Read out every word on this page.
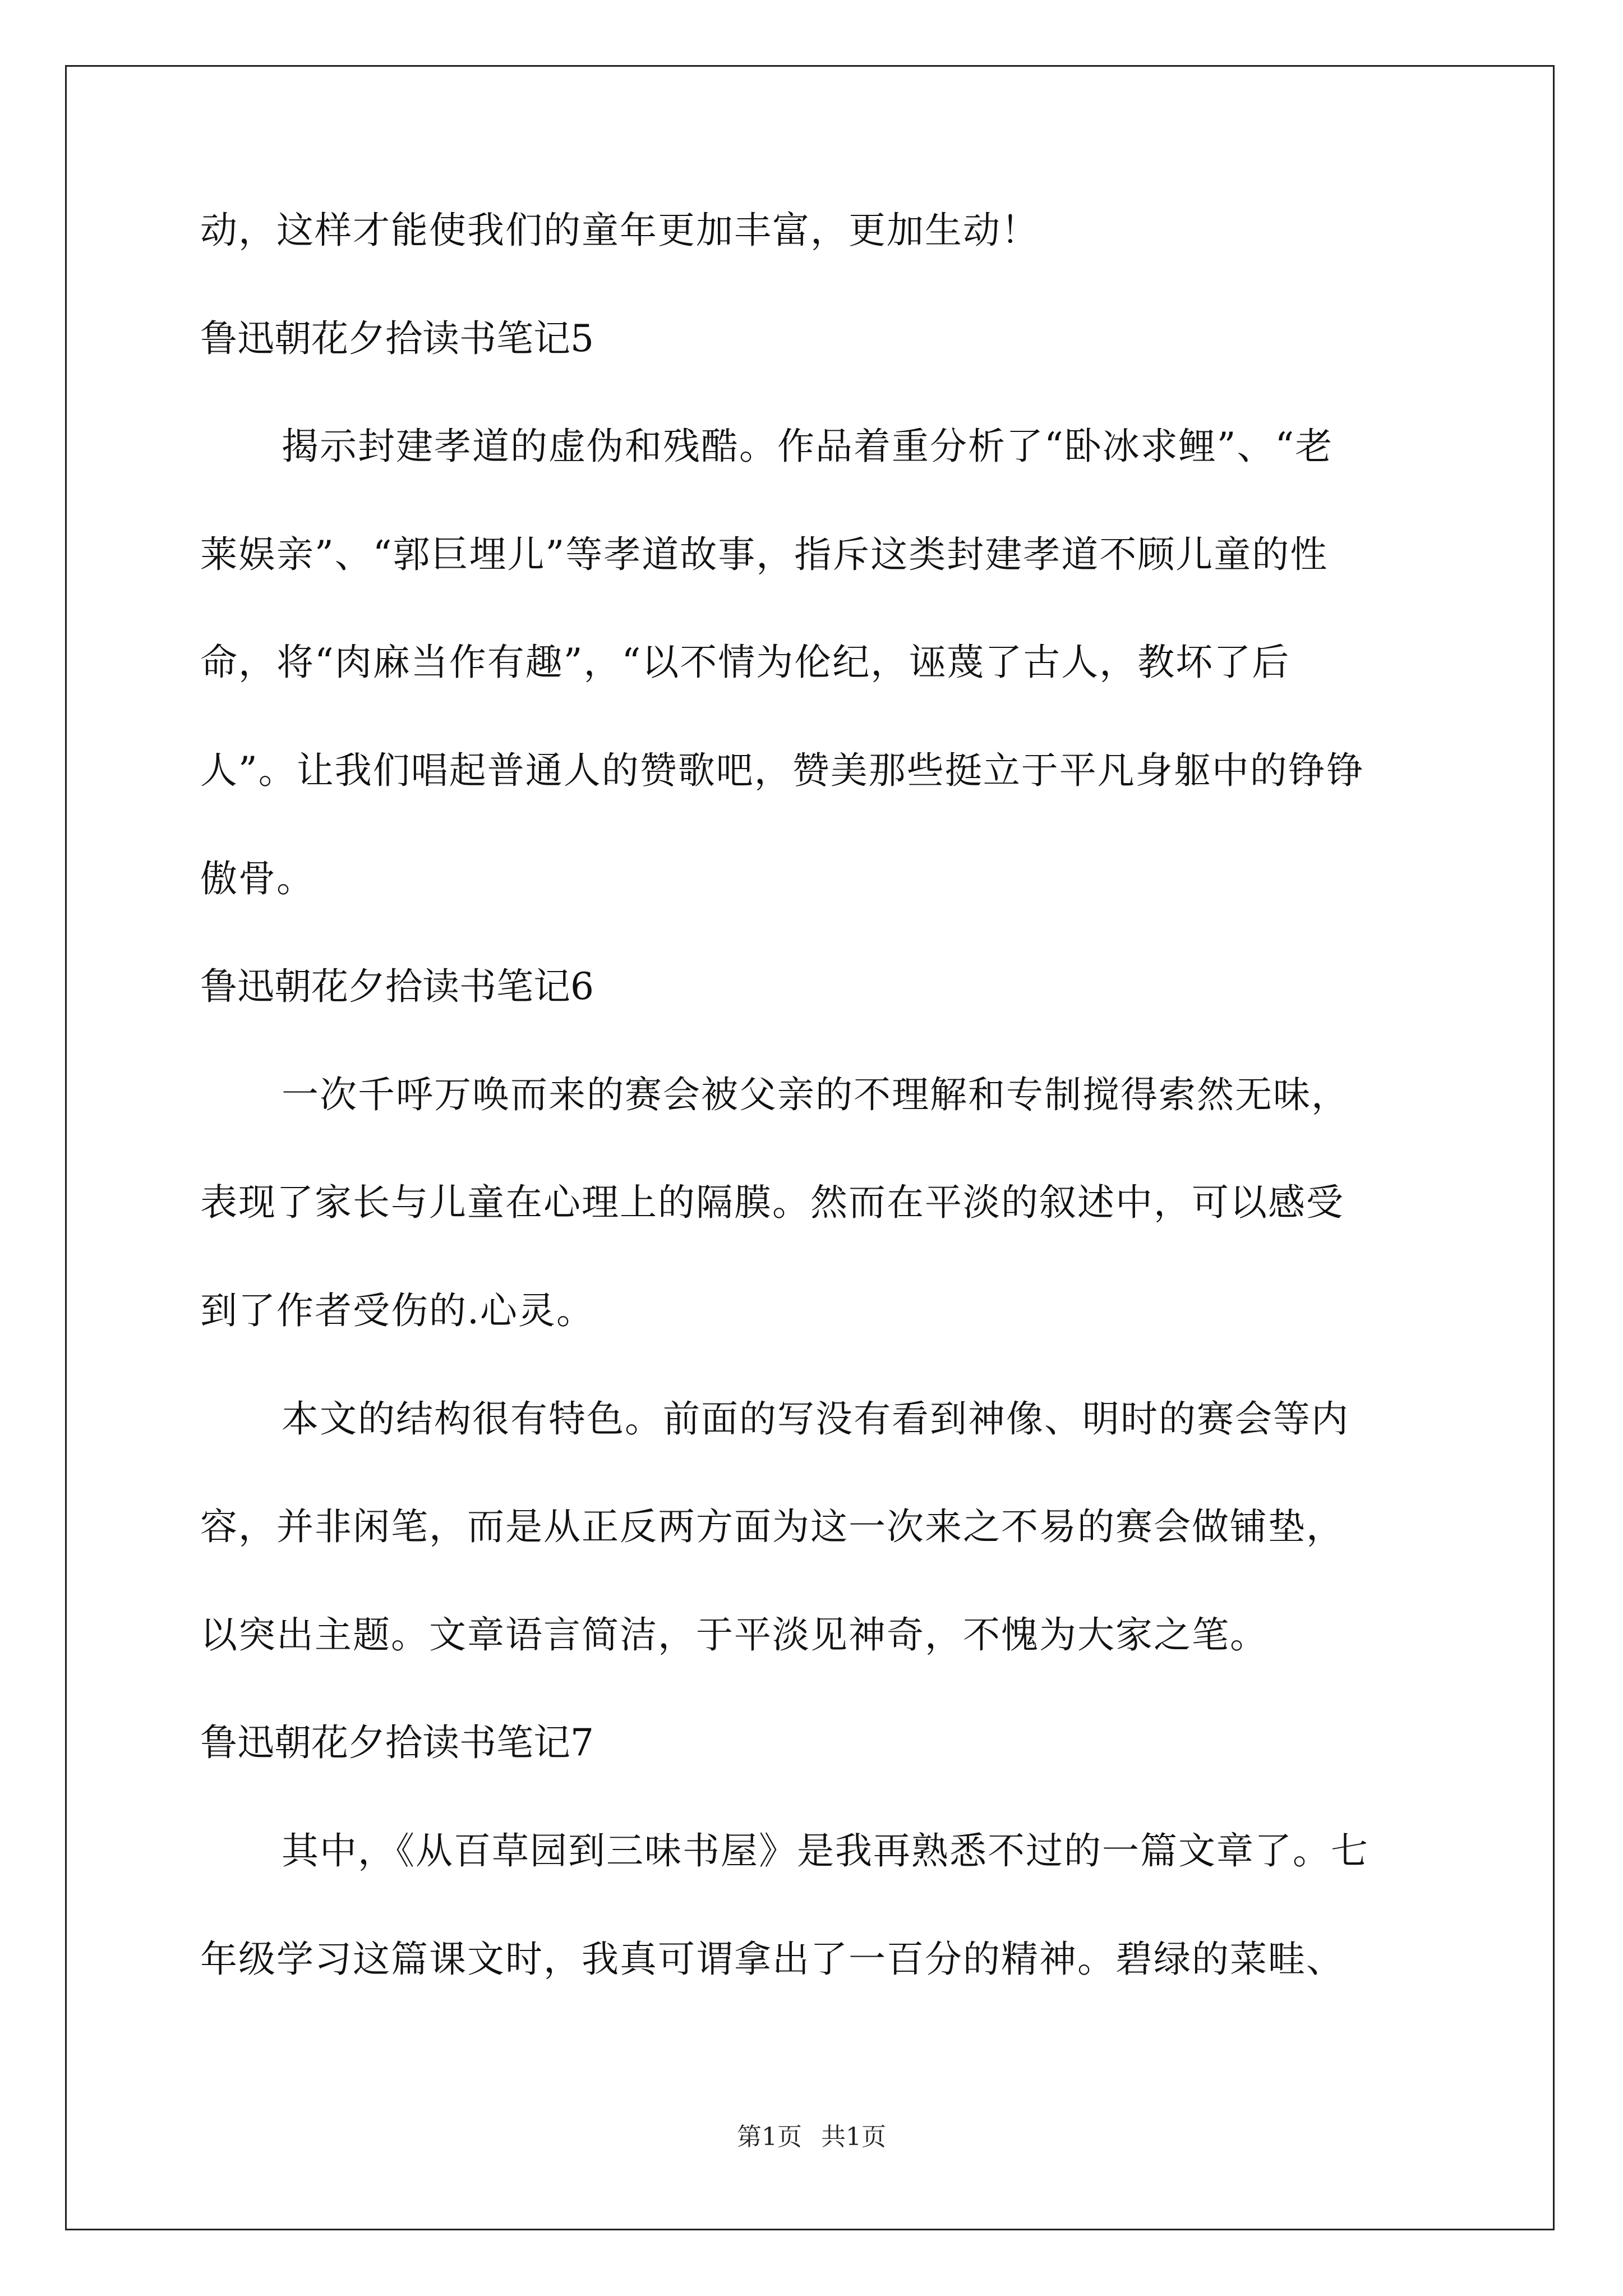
动，这样才能使我们的童年更加丰富，更加生动！
鲁迅朝花夕拾读书笔记5
揭示封建孝道的虚伪和残酷。作品着重分析了“卧冰求鲤”、“老
莱娱亲”、“郭巨埋儿”等孝道故事，指斥这类封建孝道不顾儿童的性
命，将“肉麻当作有趣”，“以不情为伦纪，诬蔑了古人，教坏了后
人”。让我们唱起普通人的赞歌吧，赞美那些挺立于平凡身躯中的铮铮
傲骨。
鲁迅朝花夕拾读书笔记6
一次千呼万唤而来的赛会被父亲的不理解和专制搅得索然无味，
表现了家长与儿童在心理上的隔膜。然而在平淡的叙述中，可以感受
到了作者受伤的.心灵。
本文的结构很有特色。前面的写没有看到神像、明时的赛会等内
容，并非闲笔，而是从正反两方面为这一次来之不易的赛会做铺垫，
以突出主题。文章语言简洁，于平淡见神奇，不愧为大家之笔。
鲁迅朝花夕拾读书笔记7
其中，《从百草园到三味书屋》是我再熟悉不过的一篇文章了。七
年级学习这篇课文时，我真可谓拿出了一百分的精神。碧绿的菜畦、
第1页 共1页
